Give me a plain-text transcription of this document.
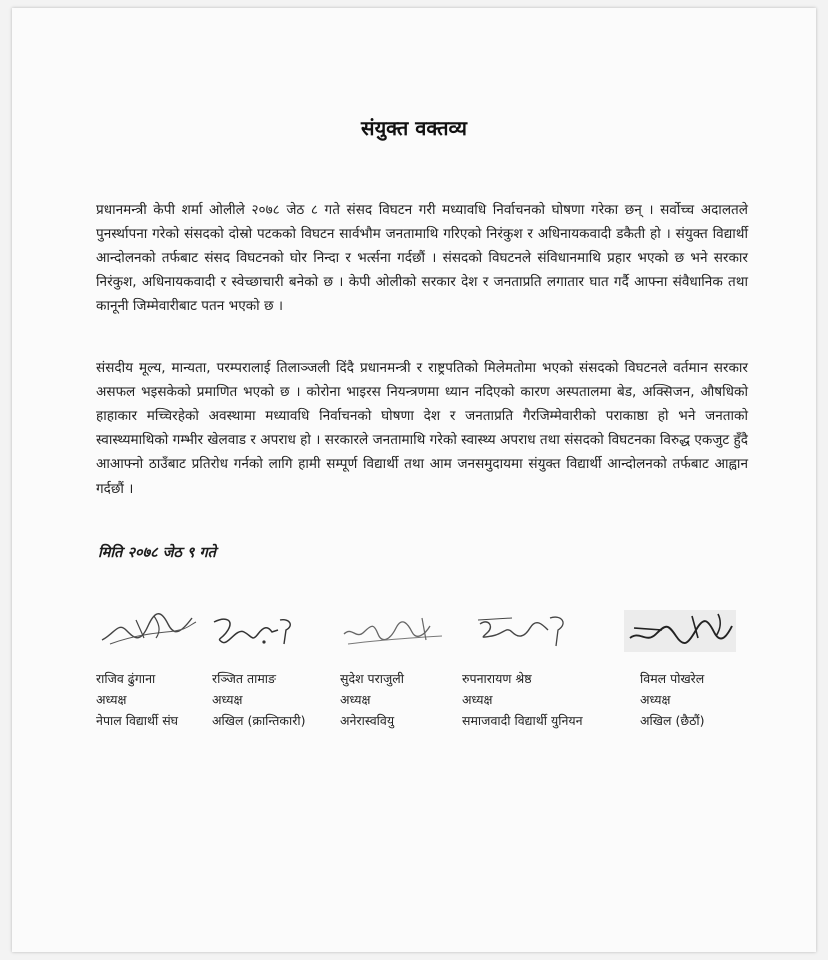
संयुक्त वक्तव्य

प्रधानमन्त्री केपी शर्मा ओलीले २०७८ जेठ ८ गते संसद विघटन गरी मध्यावधि निर्वाचनको घोषणा गरेका छन् । सर्वोच्च अदालतले पुनर्स्थापना गरेको संसदको दोस्रो पटकको विघटन सार्वभौम जनतामाथि गरिएको निरंकुश र अधिनायकवादी डकैती हो । संयुक्त विद्यार्थी आन्दोलनको तर्फबाट संसद विघटनको घोर निन्दा र भर्त्सना गर्दछौं । संसदको विघटनले संविधानमाथि प्रहार भएको छ भने सरकार निरंकुश, अधिनायकवादी र स्वेच्छाचारी बनेको छ । केपी ओलीको सरकार देश र जनताप्रति लगातार घात गर्दै आफ्ना संवैधानिक तथा कानूनी जिम्मेवारीबाट पतन भएको छ ।

संसदीय मूल्य, मान्यता, परम्परालाई तिलाञ्जली दिंदै प्रधानमन्त्री र राष्ट्रपतिको मिलेमतोमा भएको संसदको विघटनले वर्तमान सरकार असफल भइसकेको प्रमाणित भएको छ । कोरोना भाइरस नियन्त्रणमा ध्यान नदिएको कारण अस्पतालमा बेड, अक्सिजन, औषधिको हाहाकार मच्चिरहेको अवस्थामा मध्यावधि निर्वाचनको घोषणा देश र जनताप्रति गैरजिम्मेवारीको पराकाष्ठा हो भने जनताको स्वास्थ्यमाथिको गम्भीर खेलवाड र अपराध हो । सरकारले जनतामाथि गरेको स्वास्थ्य अपराध तथा संसदको विघटनका विरुद्ध एकजुट हुँदै आआफ्नो ठाउँबाट प्रतिरोध गर्नको लागि हामी सम्पूर्ण विद्यार्थी तथा आम जनसमुदायमा संयुक्त विद्यार्थी आन्दोलनको तर्फबाट आह्वान गर्दछौं ।

मिति २०७८ जेठ ९ गते
राजिव ढुंगाना
अध्यक्ष
नेपाल विद्यार्थी संघ
रञ्जित तामाङ
अध्यक्ष
अखिल (क्रान्तिकारी)
सुदेश पराजुली
अध्यक्ष
अनेरास्ववियु
रुपनारायण श्रेष्ठ
अध्यक्ष
समाजवादी विद्यार्थी युनियन
विमल पोखरेल
अध्यक्ष
अखिल (छैठौं)
